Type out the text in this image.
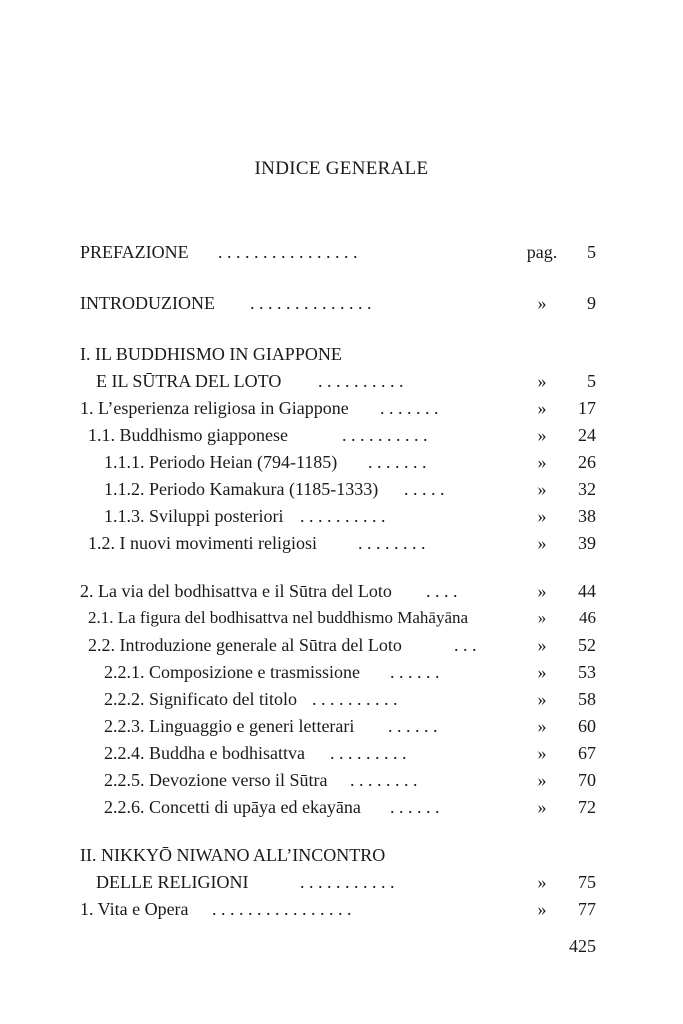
INDICE GENERALE
PREFAZIONE . . . . . . . . . . . . . . . .	pag.	5
INTRODUZIONE . . . . . . . . . . . . . .	»	9
I. IL BUDDHISMO IN GIAPPONE
E IL SŪTRA DEL LOTO . . . . . . . . . .	»	5
1. L’esperienza religiosa in Giappone . . . . . . .	»	17
1.1. Buddhismo giapponese	. . . . . . . . . .	»	24
1.1.1. Periodo Heian (794-1185) . . . . . . .	»	26
1.1.2. Periodo Kamakura (1185-1333) . . . . .	»	32
1.1.3. Sviluppi posteriori . . . . . . . . . .	»	38
1.2. I nuovi movimenti religiosi . . . . . . . .	»	39
2. La via del bodhisattva e il Sūtra del Loto . . . .	»	44
2.1. La figura del bodhisattva nel buddhismo Mahāyāna	»	46
2.2. Introduzione generale al Sūtra del Loto	. . .	»	52
2.2.1. Composizione e trasmissione . . . . . .	»	53
2.2.2. Significato del titolo . . . . . . . . . .	»	58
2.2.3. Linguaggio e generi letterari . . . . . .	»	60
2.2.4. Buddha e bodhisattva . . . . . . . . .	»	67
2.2.5. Devozione verso il Sūtra . . . . . . . .	»	70
2.2.6. Concetti di upāya ed ekayāna . . . . . .	»	72
II. NIKKYŌ NIWANO ALL’INCONTRO
DELLE RELIGIONI	. . . . . . . . . . .	»	75
1. Vita e Opera . . . . . . . . . . . . . . . .	»	77
425
